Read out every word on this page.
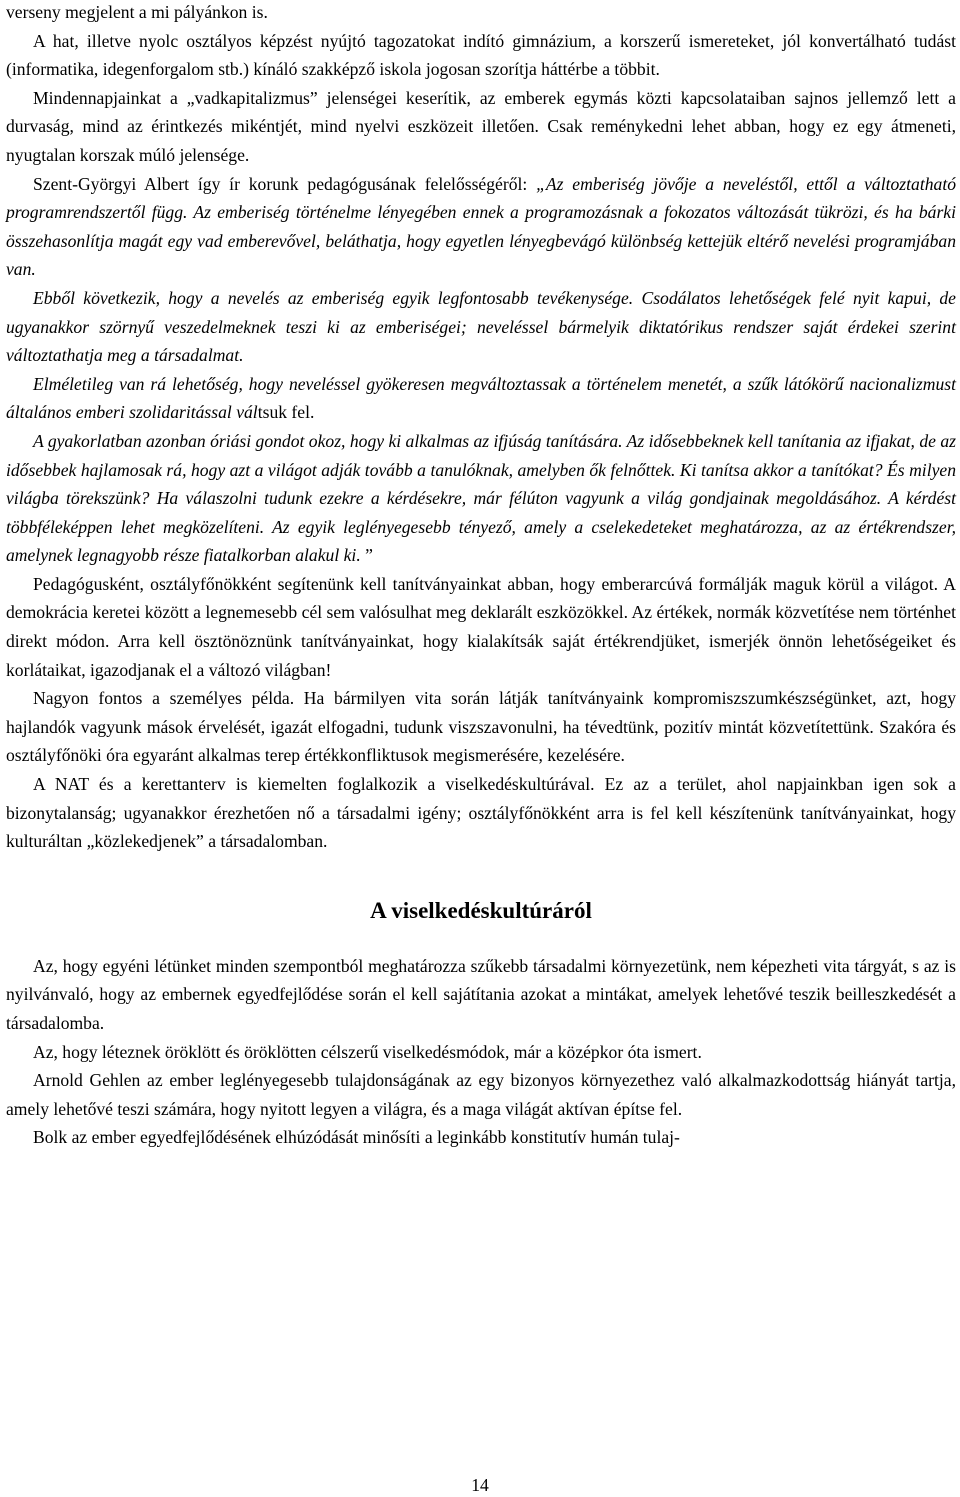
verseny megjelent a mi pályánkon is.

A hat, illetve nyolc osztályos képzést nyújtó tagozatokat indító gimnázium, a korszerű ismereteket, jól konvertálható tudást (informatika, idegenforgalom stb.) kínáló szakképző iskola jogosan szorítja háttérbe a többit.

Mindennapjainkat a „vadkapitalizmus” jelenségei keserítik, az emberek egymás közti kapcsolataiban sajnos jellemző lett a durvaság, mind az érintkezés mikéntjét, mind nyelvi eszközeit illetően. Csak reménykedni lehet abban, hogy ez egy átmeneti, nyugtalan korszak múló jelensége.

Szent-Györgyi Albert így ír korunk pedagógusának felelősségéről: „Az emberiség jövője a neveléstől, ettől a változtatható programrendszertől függ. Az emberiség történelme lényegében ennek a programozásnak a fokozatos változását tükrözi, és ha bárki összehasonlítja magát egy vad emberevővel, beláthatja, hogy egyetlen lényegbevágó különbség kettejük eltérő nevelési programjában van.

Ebből következik, hogy a nevelés az emberiség egyik legfontosabb tevékenysége. Csodálatos lehetőségek felé nyit kapui, de ugyanakkor szörnyű veszedelmeknek teszi ki az emberiségei; neveléssel bármelyik diktatórikus rendszer saját érdekei szerint változtathatja meg a társadalmat.

Elméletileg van rá lehetőség, hogy neveléssel gyökeresen megváltoztassak a történelem menetét, a szűk látókörű nacionalizmust általános emberi szolidaritással váltsuk fel.

A gyakorlatban azonban óriási gondot okoz, hogy ki alkalmas az ifjúság tanítására. Az idősebbeknek kell tanítania az ifjakat, de az idősebbek hajlamosak rá, hogy azt a világot adják tovább a tanulóknak, amelyben ők felnőttek. Ki tanítsa akkor a tanítókat? És milyen világba törekszünk? Ha válaszolni tudunk ezekre a kérdésekre, már félúton vagyunk a világ gondjainak megoldásához. A kérdést többféleképpen lehet megközelíteni. Az egyik leglényegesebb tényező, amely a cselekedeteket meghatározza, az az értékrendszer, amelynek legnagyobb része fiatalkorban alakul ki. ”

Pedagógusként, osztályfőnökként segítenünk kell tanítványainkat abban, hogy emberarcúvá formálják maguk körül a világot. A demokrácia keretei között a legnemesebb cél sem valósulhat meg deklarált eszközökkel. Az értékek, normák közvetítése nem történhet direkt módon. Arra kell ösztönöznünk tanítványainkat, hogy kialakítsák saját értékrendjüket, ismerjék önnön lehetőségeiket és korlátaikat, igazodjanak el a változó világban!

Nagyon fontos a személyes példa. Ha bármilyen vita során látják tanítványaink kompromiszszumkészségünket, azt, hogy hajlandók vagyunk mások érvelését, igazát elfogadni, tudunk viszszavonulni, ha tévedtünk, pozitív mintát közvetítettünk. Szakóra és osztályfőnöki óra egyaránt alkalmas terep értékkonfliktusok megismerésére, kezelésére.

A NAT és a kerettanterv is kiemelten foglalkozik a viselkedéskultúrával. Ez az a terület, ahol napjainkban igen sok a bizonytalanság; ugyanakkor érezhetően nő a társadalmi igény; osztályfőnökként arra is fel kell készítenünk tanítványainkat, hogy kulturáltan „közlekedjenek” a társadalomban.

A viselkedéskultúráról

Az, hogy egyéni létünket minden szempontból meghatározza szűkebb társadalmi környezetünk, nem képezheti vita tárgyát, s az is nyilvánvaló, hogy az embernek egyedfejlődése során el kell sajátítania azokat a mintákat, amelyek lehetővé teszik beilleszkedését a társadalomba.

Az, hogy léteznek öröklött és öröklötten célszerű viselkedésmódok, már a középkor óta ismert.

Arnold Gehlen az ember leglényegesebb tulajdonságának az egy bizonyos környezethez való alkalmazkodottság hiányát tartja, amely lehetővé teszi számára, hogy nyitott legyen a világra, és a maga világát aktívan építse fel.

Bolk az ember egyedfejlődésének elhúzódását minősíti a leginkább konstitutív humán tulaj-

14
